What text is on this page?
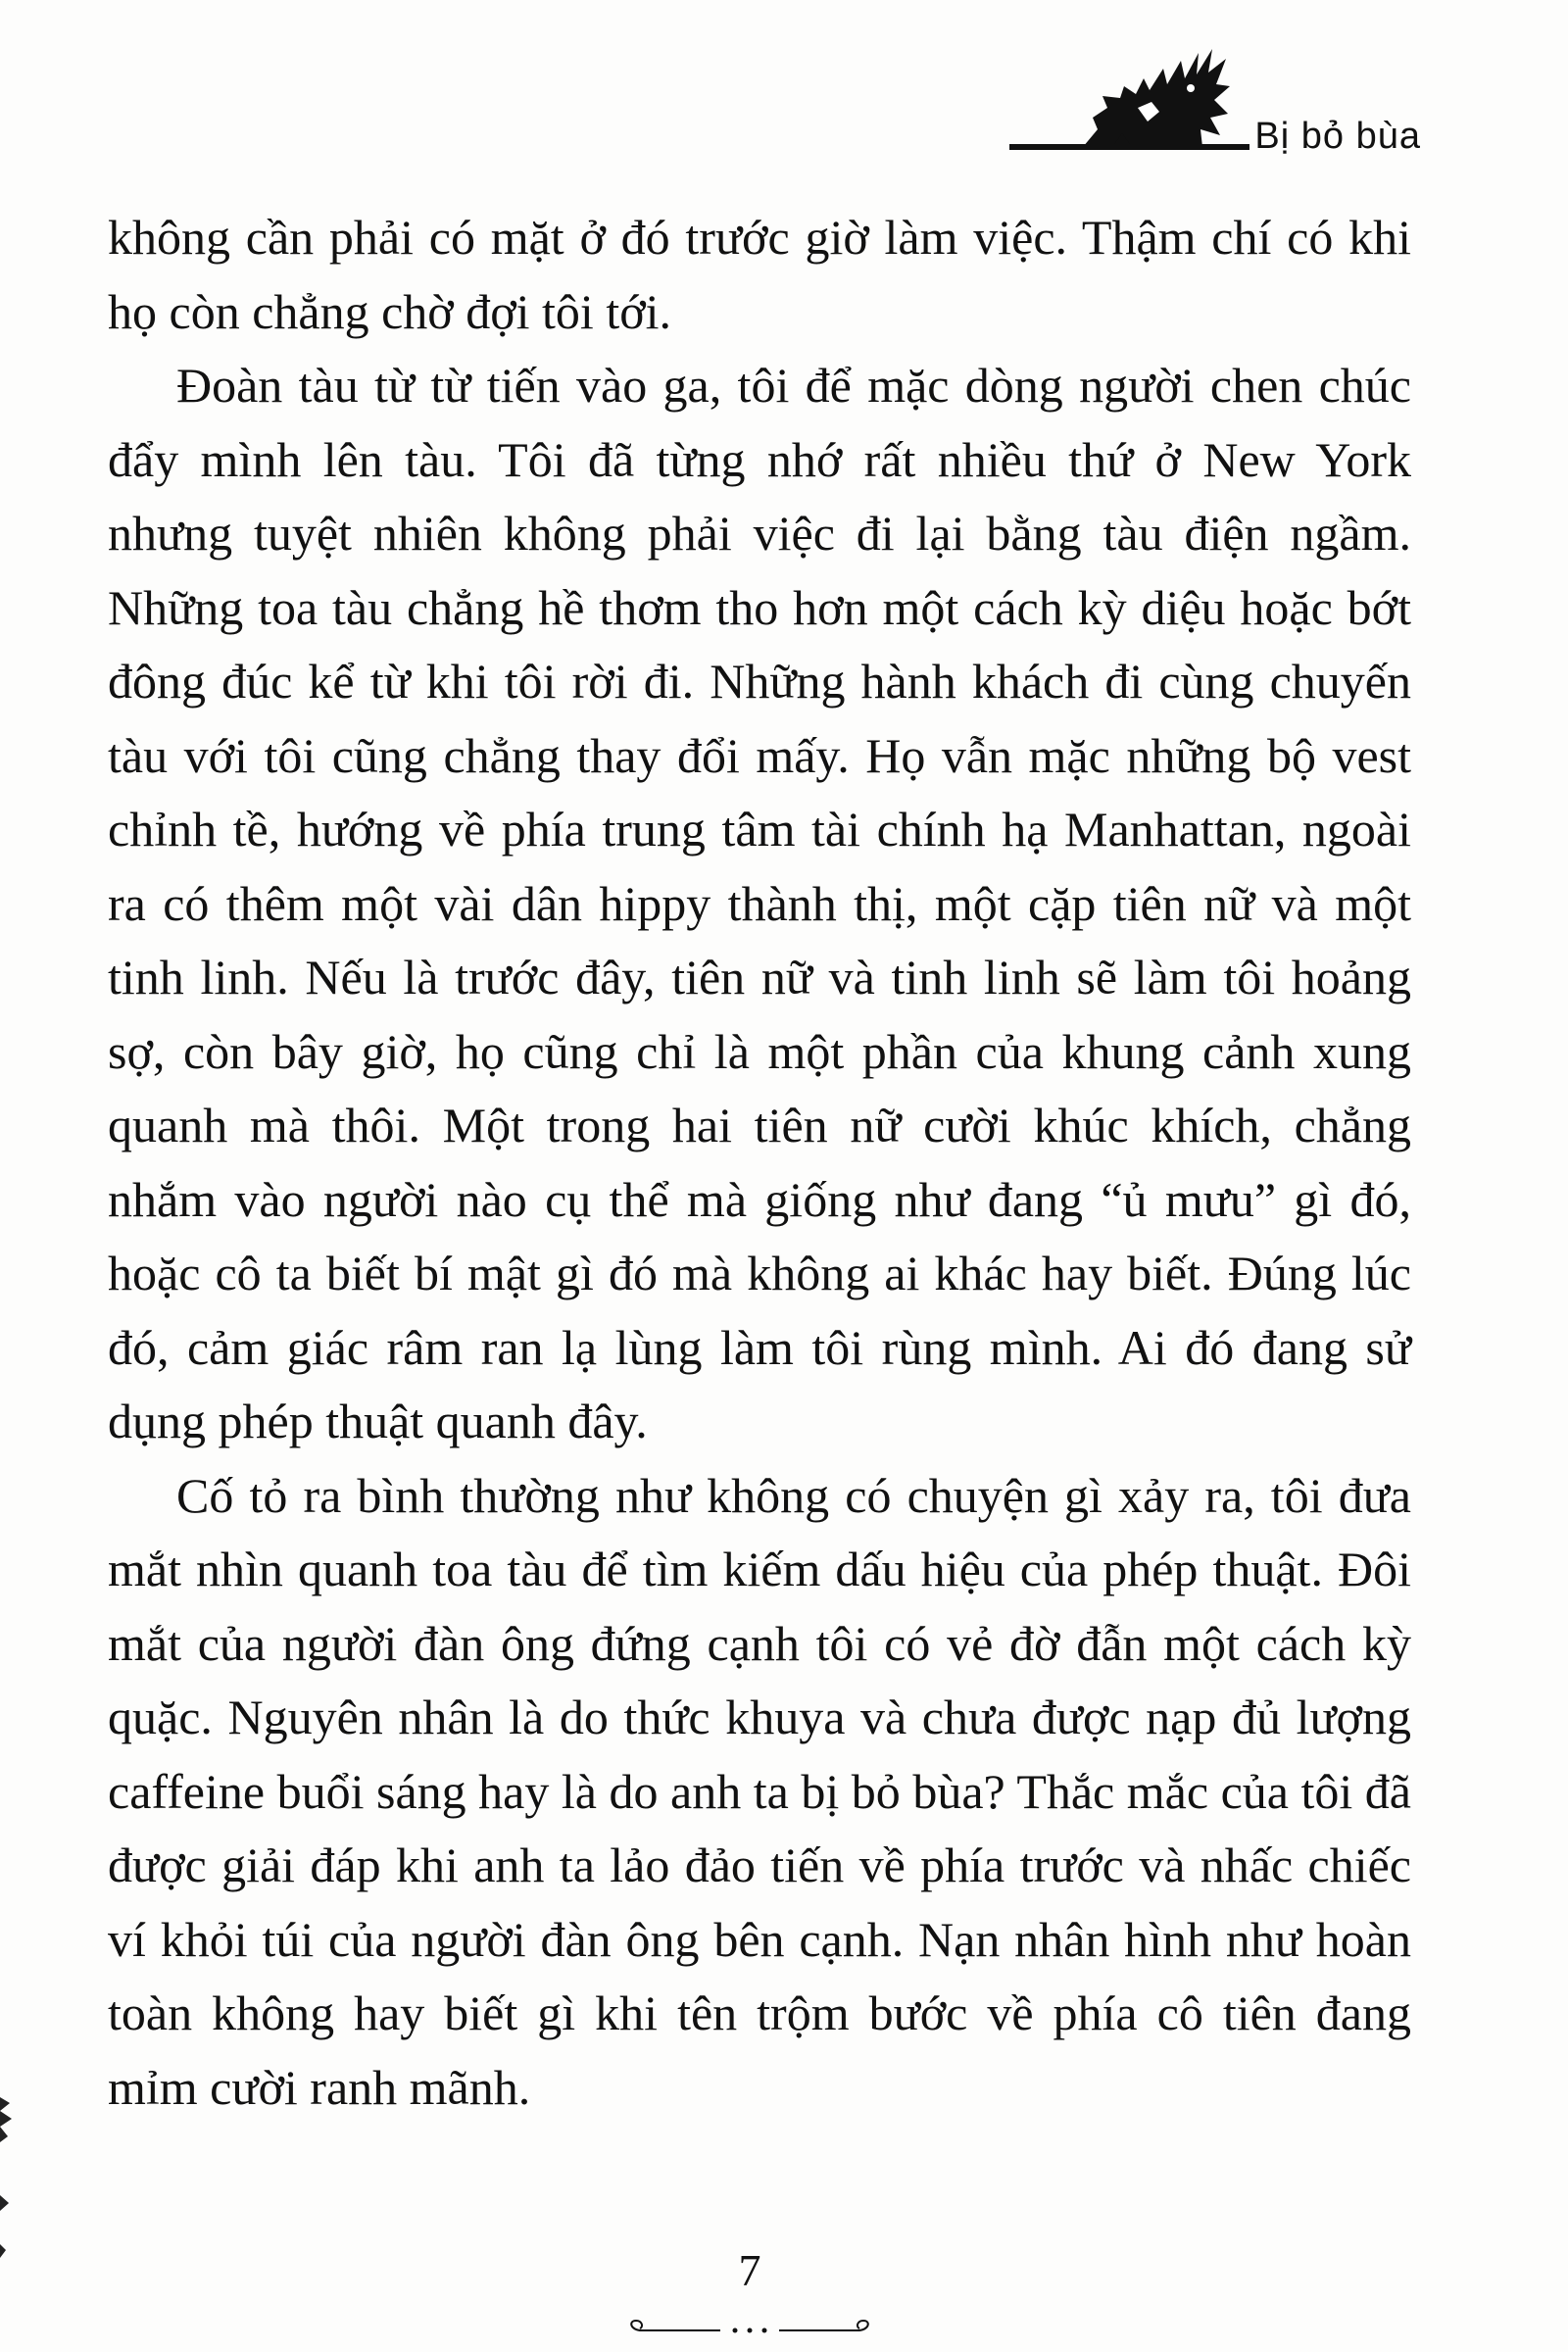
Bị bỏ bùa

không cần phải có mặt ở đó trước giờ làm việc. Thậm chí có khi họ còn chẳng chờ đợi tôi tới.

Đoàn tàu từ từ tiến vào ga, tôi để mặc dòng người chen chúc đẩy mình lên tàu. Tôi đã từng nhớ rất nhiều thứ ở New York nhưng tuyệt nhiên không phải việc đi lại bằng tàu điện ngầm. Những toa tàu chẳng hề thơm tho hơn một cách kỳ diệu hoặc bớt đông đúc kể từ khi tôi rời đi. Những hành khách đi cùng chuyến tàu với tôi cũng chẳng thay đổi mấy. Họ vẫn mặc những bộ vest chỉnh tề, hướng về phía trung tâm tài chính hạ Manhattan, ngoài ra có thêm một vài dân hippy thành thị, một cặp tiên nữ và một tinh linh. Nếu là trước đây, tiên nữ và tinh linh sẽ làm tôi hoảng sợ, còn bây giờ, họ cũng chỉ là một phần của khung cảnh xung quanh mà thôi. Một trong hai tiên nữ cười khúc khích, chẳng nhắm vào người nào cụ thể mà giống như đang “ủ mưu” gì đó, hoặc cô ta biết bí mật gì đó mà không ai khác hay biết. Đúng lúc đó, cảm giác râm ran lạ lùng làm tôi rùng mình. Ai đó đang sử dụng phép thuật quanh đây.

Cố tỏ ra bình thường như không có chuyện gì xảy ra, tôi đưa mắt nhìn quanh toa tàu để tìm kiếm dấu hiệu của phép thuật. Đôi mắt của người đàn ông đứng cạnh tôi có vẻ đờ đẫn một cách kỳ quặc. Nguyên nhân là do thức khuya và chưa được nạp đủ lượng caffeine buổi sáng hay là do anh ta bị bỏ bùa? Thắc mắc của tôi đã được giải đáp khi anh ta lảo đảo tiến về phía trước và nhấc chiếc ví khỏi túi của người đàn ông bên cạnh. Nạn nhân hình như hoàn toàn không hay biết gì khi tên trộm bước về phía cô tiên đang mỉm cười ranh mãnh.

7
